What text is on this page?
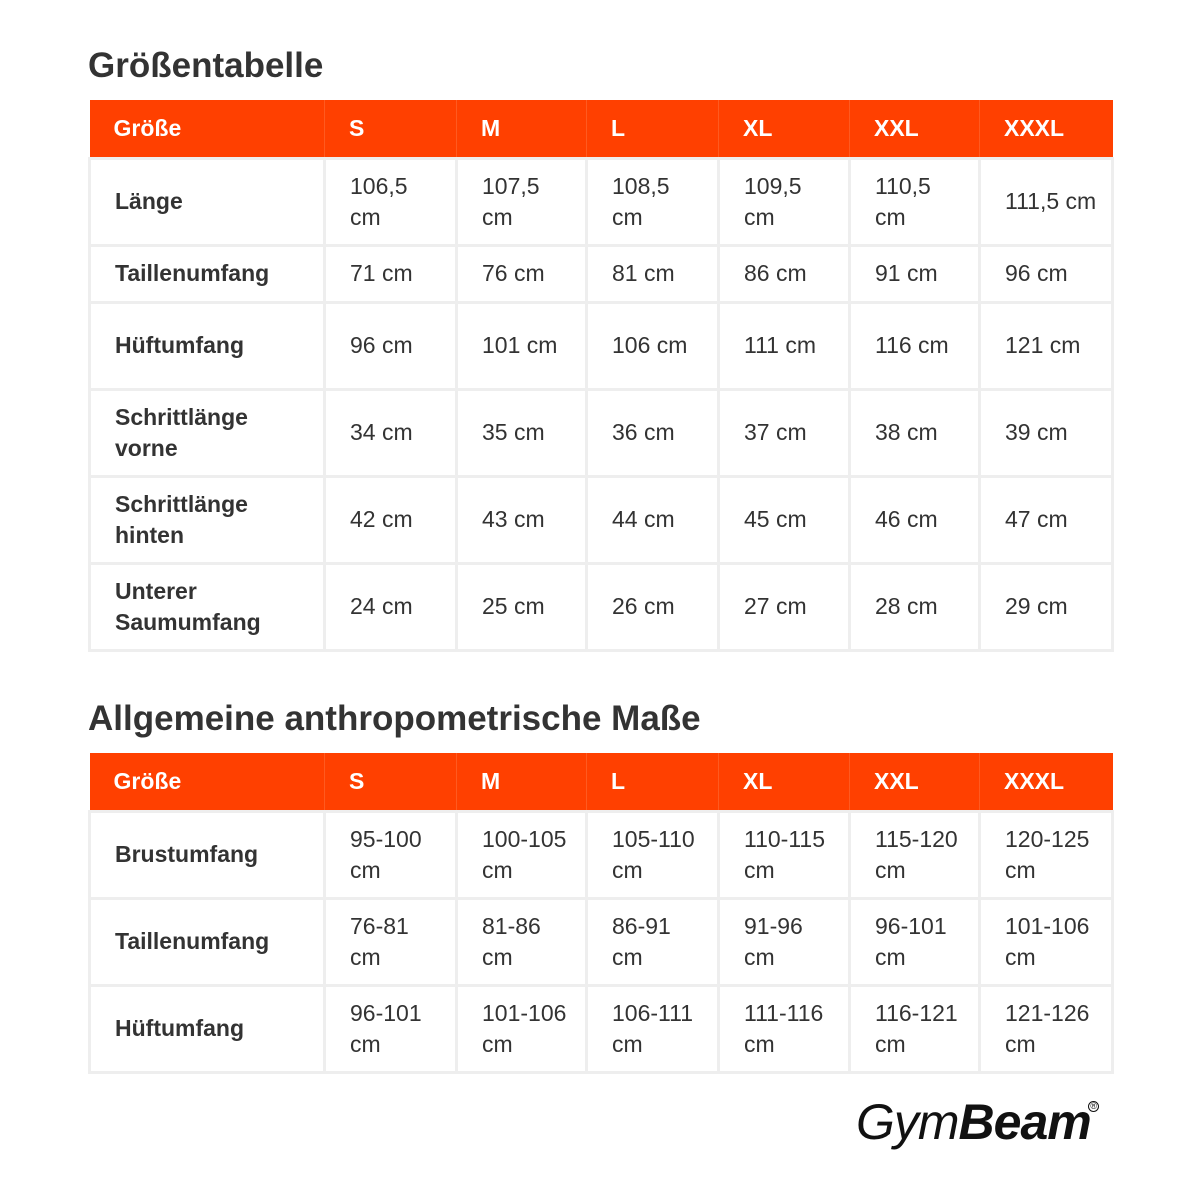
Größentabelle
Größe	S	M	L	XL	XXL	XXXL
Länge	106,5 cm	107,5 cm	108,5 cm	109,5 cm	110,5 cm	111,5 cm
Taillenumfang	71 cm	76 cm	81 cm	86 cm	91 cm	96 cm
Hüftumfang	96 cm	101 cm	106 cm	111 cm	116 cm	121 cm
Schrittlänge vorne	34 cm	35 cm	36 cm	37 cm	38 cm	39 cm
Schrittlänge hinten	42 cm	43 cm	44 cm	45 cm	46 cm	47 cm
Unterer Saumumfang	24 cm	25 cm	26 cm	27 cm	28 cm	29 cm
Allgemeine anthropometrische Maße
Größe	S	M	L	XL	XXL	XXXL
Brustumfang	95-100 cm	100-105 cm	105-110 cm	110-115 cm	115-120 cm	120-125 cm
Taillenumfang	76-81 cm	81-86 cm	86-91 cm	91-96 cm	96-101 cm	101-106 cm
Hüftumfang	96-101 cm	101-106 cm	106-111 cm	111-116 cm	116-121 cm	121-126 cm
GymBeam ®
